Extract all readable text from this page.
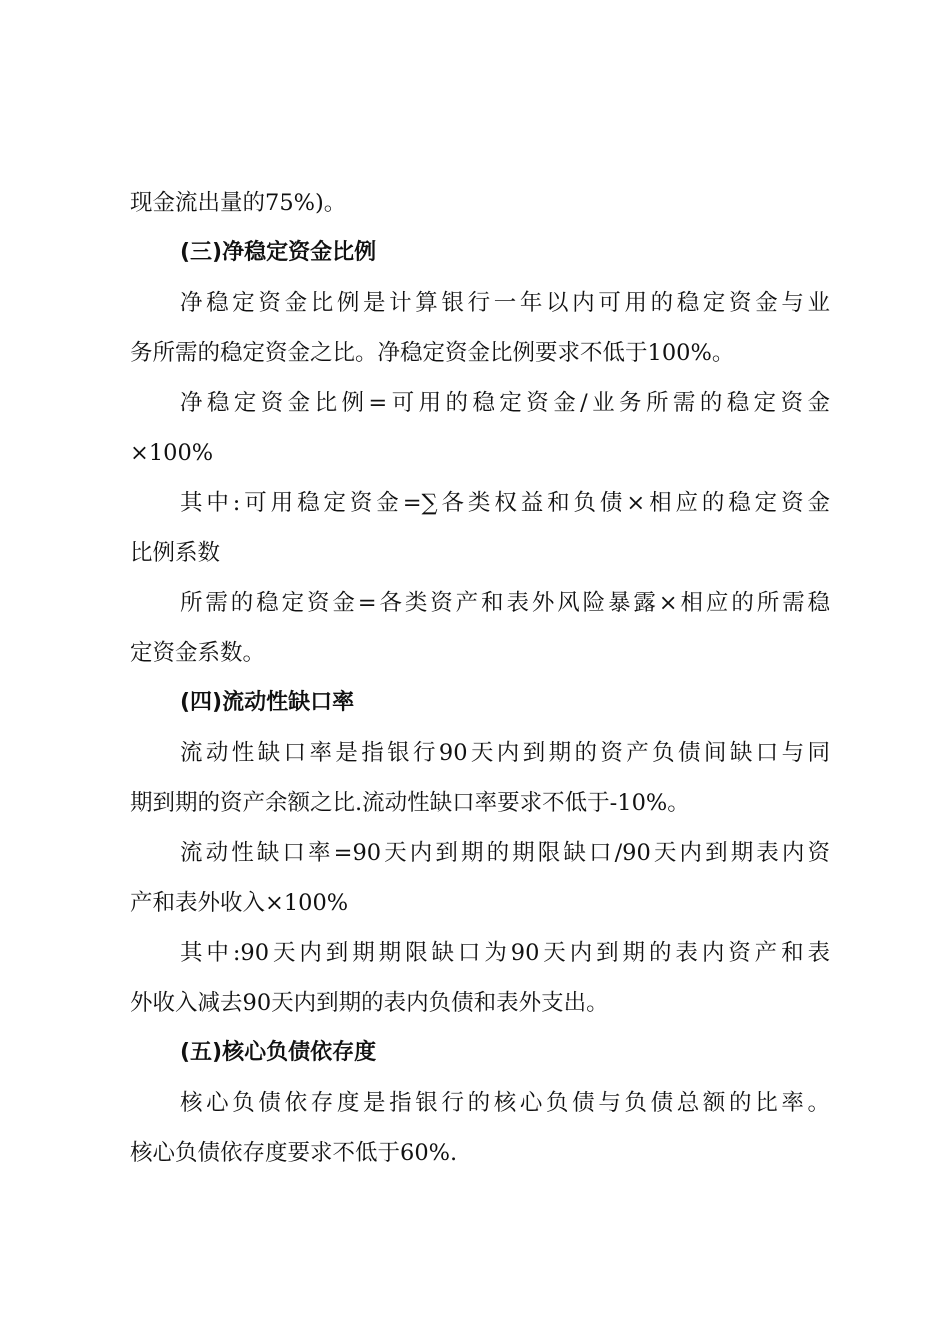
现金流出量的75%)。
(三)净稳定资金比例
净稳定资金比例是计算银行一年以内可用的稳定资金与业
务所需的稳定资金之比。净稳定资金比例要求不低于100%。
净稳定资金比例=可用的稳定资金/业务所需的稳定资金
×100%
其中:可用稳定资金=∑各类权益和负债×相应的稳定资金
比例系数
所需的稳定资金=各类资产和表外风险暴露×相应的所需稳
定资金系数。
(四)流动性缺口率
流动性缺口率是指银行90天内到期的资产负债间缺口与同
期到期的资产余额之比.流动性缺口率要求不低于-10%。
流动性缺口率=90天内到期的期限缺口/90天内到期表内资
产和表外收入×100%
其中:90天内到期期限缺口为90天内到期的表内资产和表
外收入减去90天内到期的表内负债和表外支出。
(五)核心负债依存度
核心负债依存度是指银行的核心负债与负债总额的比率。
核心负债依存度要求不低于60%.
